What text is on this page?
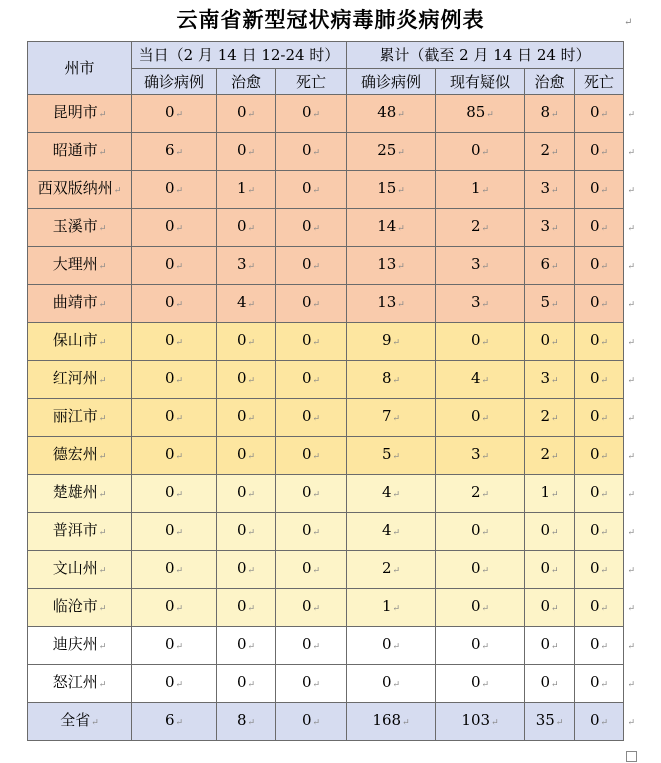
云南省新型冠状病毒肺炎病例表	↵
州市	当日（2 月 14 日 12-24 时）			累计（截至 2 月 14 日 24 时）			
	确诊病例	治愈	死亡	确诊病例	现有疑似	治愈	死亡
昆明市↵	0↵	0↵	0↵	48↵	85↵	8↵	0↵ ↵

昭通市↵	6↵	0↵	0↵	25↵	0↵	2↵	0↵ ↵

西双版纳州↵	0↵	1↵	0↵	15↵	1↵	3↵	0↵ ↵

玉溪市↵	0↵	0↵	0↵	14↵	2↵	3↵	0↵ ↵

大理州↵	0↵	3↵	0↵	13↵	3↵	6↵	0↵ ↵

曲靖市↵	0↵	4↵	0↵	13↵	3↵	5↵	0↵ ↵

保山市↵	0↵	0↵	0↵	9↵	0↵	0↵	0↵ ↵

红河州↵	0↵	0↵	0↵	8↵	4↵	3↵	0↵ ↵

丽江市↵	0↵	0↵	0↵	7↵	0↵	2↵	0↵ ↵

德宏州↵	0↵	0↵	0↵	5↵	3↵	2↵	0↵ ↵

楚雄州↵	0↵	0↵	0↵	4↵	2↵	1↵	0↵ ↵

普洱市↵	0↵	0↵	0↵	4↵	0↵	0↵	0↵ ↵

文山州↵	0↵	0↵	0↵	2↵	0↵	0↵	0↵ ↵

临沧市↵	0↵	0↵	0↵	1↵	0↵	0↵	0↵ ↵

迪庆州↵	0↵	0↵	0↵	0↵	0↵	0↵	0↵ ↵

怒江州↵	0↵	0↵	0↵	0↵	0↵	0↵	0↵ ↵

全省↵	6↵	8↵	0↵	168↵	103↵	35↵	0↵ ↵
